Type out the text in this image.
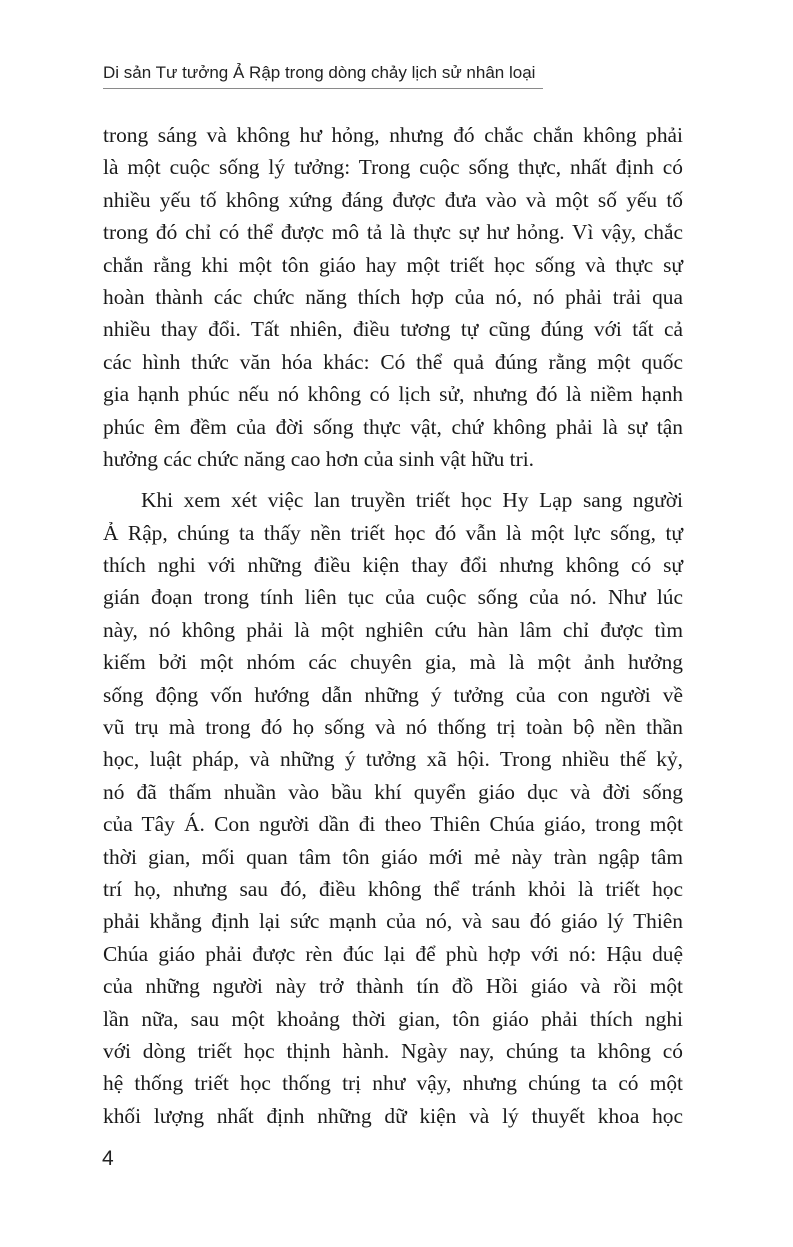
Di sản Tư tưởng Ả Rập trong dòng chảy lịch sử nhân loại
trong sáng và không hư hỏng, nhưng đó chắc chắn không phải
là một cuộc sống lý tưởng: Trong cuộc sống thực, nhất định có
nhiều yếu tố không xứng đáng được đưa vào và một số yếu tố
trong đó chỉ có thể được mô tả là thực sự hư hỏng. Vì vậy, chắc
chắn rằng khi một tôn giáo hay một triết học sống và thực sự
hoàn thành các chức năng thích hợp của nó, nó phải trải qua
nhiều thay đổi. Tất nhiên, điều tương tự cũng đúng với tất cả
các hình thức văn hóa khác: Có thể quả đúng rằng một quốc
gia hạnh phúc nếu nó không có lịch sử, nhưng đó là niềm hạnh
phúc êm đềm của đời sống thực vật, chứ không phải là sự tận
hưởng các chức năng cao hơn của sinh vật hữu tri.
Khi xem xét việc lan truyền triết học Hy Lạp sang người
Ả Rập, chúng ta thấy nền triết học đó vẫn là một lực sống, tự
thích nghi với những điều kiện thay đổi nhưng không có sự
gián đoạn trong tính liên tục của cuộc sống của nó. Như lúc
này, nó không phải là một nghiên cứu hàn lâm chỉ được tìm
kiếm bởi một nhóm các chuyên gia, mà là một ảnh hưởng
sống động vốn hướng dẫn những ý tưởng của con người về
vũ trụ mà trong đó họ sống và nó thống trị toàn bộ nền thần
học, luật pháp, và những ý tưởng xã hội. Trong nhiều thế kỷ,
nó đã thấm nhuần vào bầu khí quyển giáo dục và đời sống
của Tây Á. Con người dần đi theo Thiên Chúa giáo, trong một
thời gian, mối quan tâm tôn giáo mới mẻ này tràn ngập tâm
trí họ, nhưng sau đó, điều không thể tránh khỏi là triết học
phải khẳng định lại sức mạnh của nó, và sau đó giáo lý Thiên
Chúa giáo phải được rèn đúc lại để phù hợp với nó: Hậu duệ
của những người này trở thành tín đồ Hồi giáo và rồi một
lần nữa, sau một khoảng thời gian, tôn giáo phải thích nghi
với dòng triết học thịnh hành. Ngày nay, chúng ta không có
hệ thống triết học thống trị như vậy, nhưng chúng ta có một
khối lượng nhất định những dữ kiện và lý thuyết khoa học
4
